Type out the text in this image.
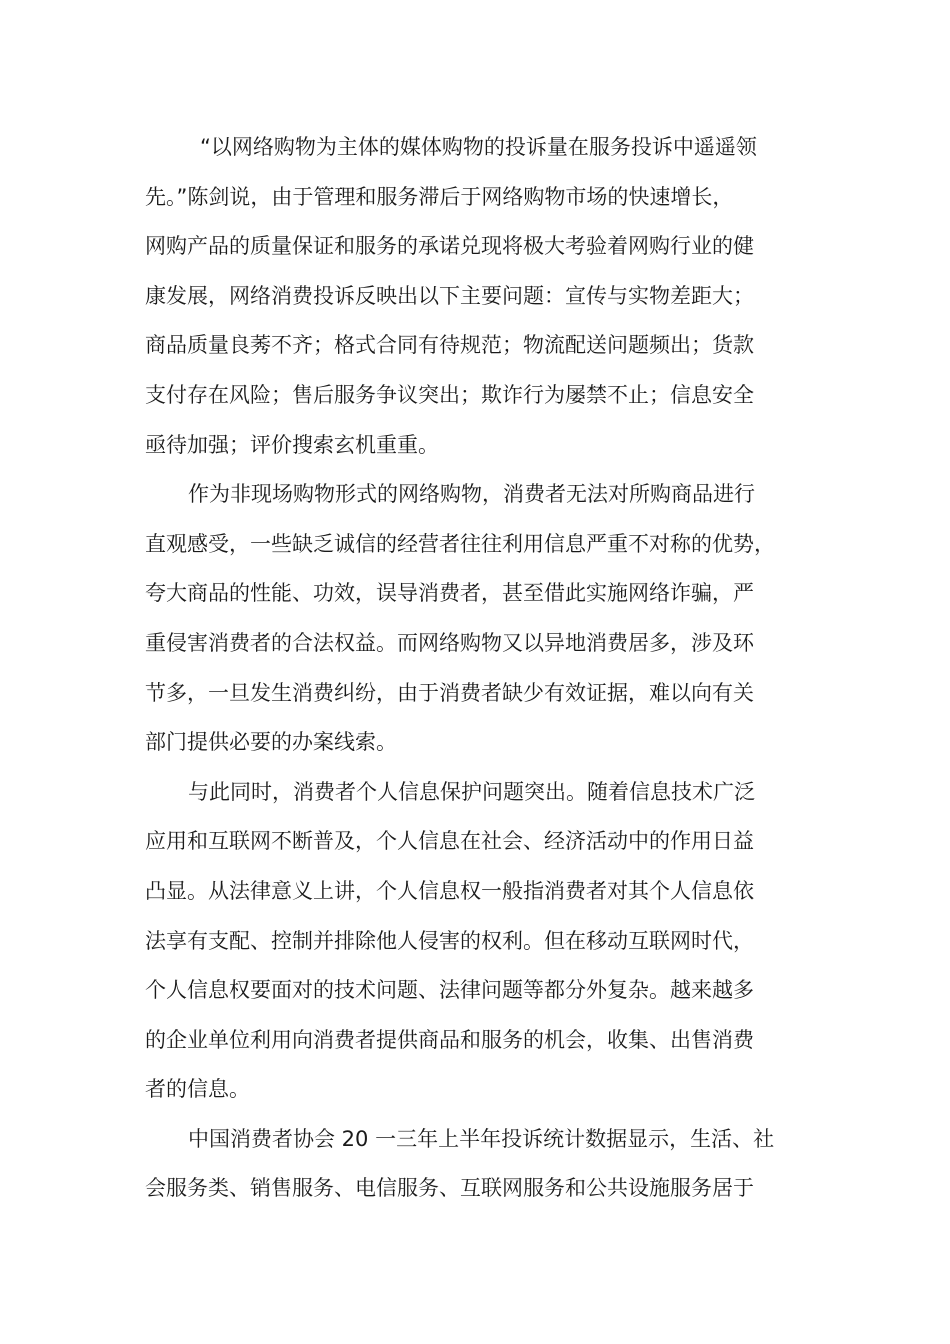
“以网络购物为主体的媒体购物的投诉量在服务投诉中遥遥领
先。”陈剑说，由于管理和服务滞后于网络购物市场的快速增长，
网购产品的质量保证和服务的承诺兑现将极大考验着网购行业的健
康发展，网络消费投诉反映出以下主要问题：宣传与实物差距大；
商品质量良莠不齐；格式合同有待规范；物流配送问题频出；货款
支付存在风险；售后服务争议突出；欺诈行为屡禁不止；信息安全
亟待加强；评价搜索玄机重重。
作为非现场购物形式的网络购物，消费者无法对所购商品进行
直观感受，一些缺乏诚信的经营者往往利用信息严重不对称的优势，
夸大商品的性能、功效，误导消费者，甚至借此实施网络诈骗，严
重侵害消费者的合法权益。而网络购物又以异地消费居多，涉及环
节多，一旦发生消费纠纷，由于消费者缺少有效证据，难以向有关
部门提供必要的办案线索。
与此同时，消费者个人信息保护问题突出。随着信息技术广泛
应用和互联网不断普及，个人信息在社会、经济活动中的作用日益
凸显。从法律意义上讲，个人信息权一般指消费者对其个人信息依
法享有支配、控制并排除他人侵害的权利。但在移动互联网时代，
个人信息权要面对的技术问题、法律问题等都分外复杂。越来越多
的企业单位利用向消费者提供商品和服务的机会，收集、出售消费
者的信息。
中国消费者协会 20 一三年上半年投诉统计数据显示，生活、社
会服务类、销售服务、电信服务、互联网服务和公共设施服务居于
